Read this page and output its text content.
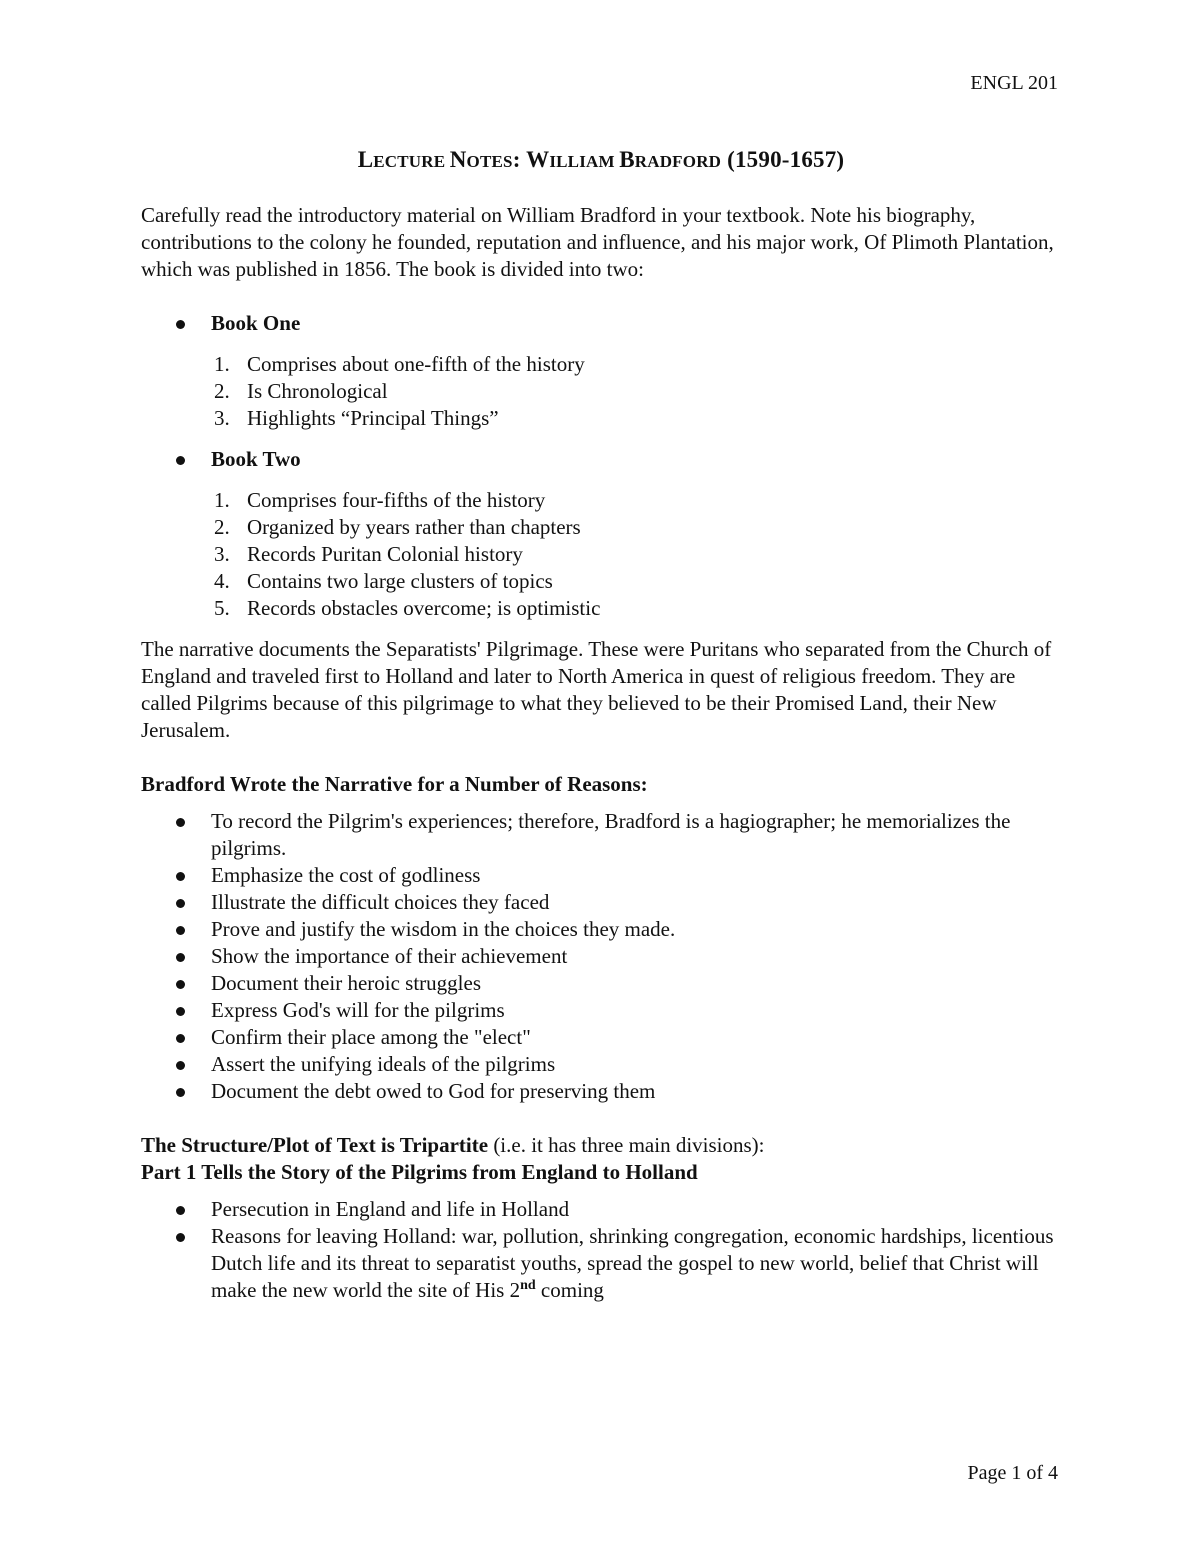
ENGL 201
LECTURE NOTES: WILLIAM BRADFORD (1590-1657)

Carefully read the introductory material on William Bradford in your textbook. Note his biography, contributions to the colony he founded, reputation and influence, and his major work, Of Plimoth Plantation, which was published in 1856. The book is divided into two:

Book One
1. Comprises about one-fifth of the history
2. Is Chronological
3. Highlights “Principal Things”
Book Two
1. Comprises four-fifths of the history
2. Organized by years rather than chapters
3. Records Puritan Colonial history
4. Contains two large clusters of topics
5. Records obstacles overcome; is optimistic

The narrative documents the Separatists' Pilgrimage. These were Puritans who separated from the Church of England and traveled first to Holland and later to North America in quest of religious freedom. They are called Pilgrims because of this pilgrimage to what they believed to be their Promised Land, their New Jerusalem.

Bradford Wrote the Narrative for a Number of Reasons:
To record the Pilgrim's experiences; therefore, Bradford is a hagiographer; he memorializes the pilgrims.
Emphasize the cost of godliness
Illustrate the difficult choices they faced
Prove and justify the wisdom in the choices they made.
Show the importance of their achievement
Document their heroic struggles
Express God's will for the pilgrims
Confirm their place among the "elect"
Assert the unifying ideals of the pilgrims
Document the debt owed to God for preserving them

The Structure/Plot of Text is Tripartite (i.e. it has three main divisions):

Part 1 Tells the Story of the Pilgrims from England to Holland
Persecution in England and life in Holland
Reasons for leaving Holland: war, pollution, shrinking congregation, economic hardships, licentious Dutch life and its threat to separatist youths, spread the gospel to new world, belief that Christ will make the new world the site of His 2nd coming
Page 1 of 4
